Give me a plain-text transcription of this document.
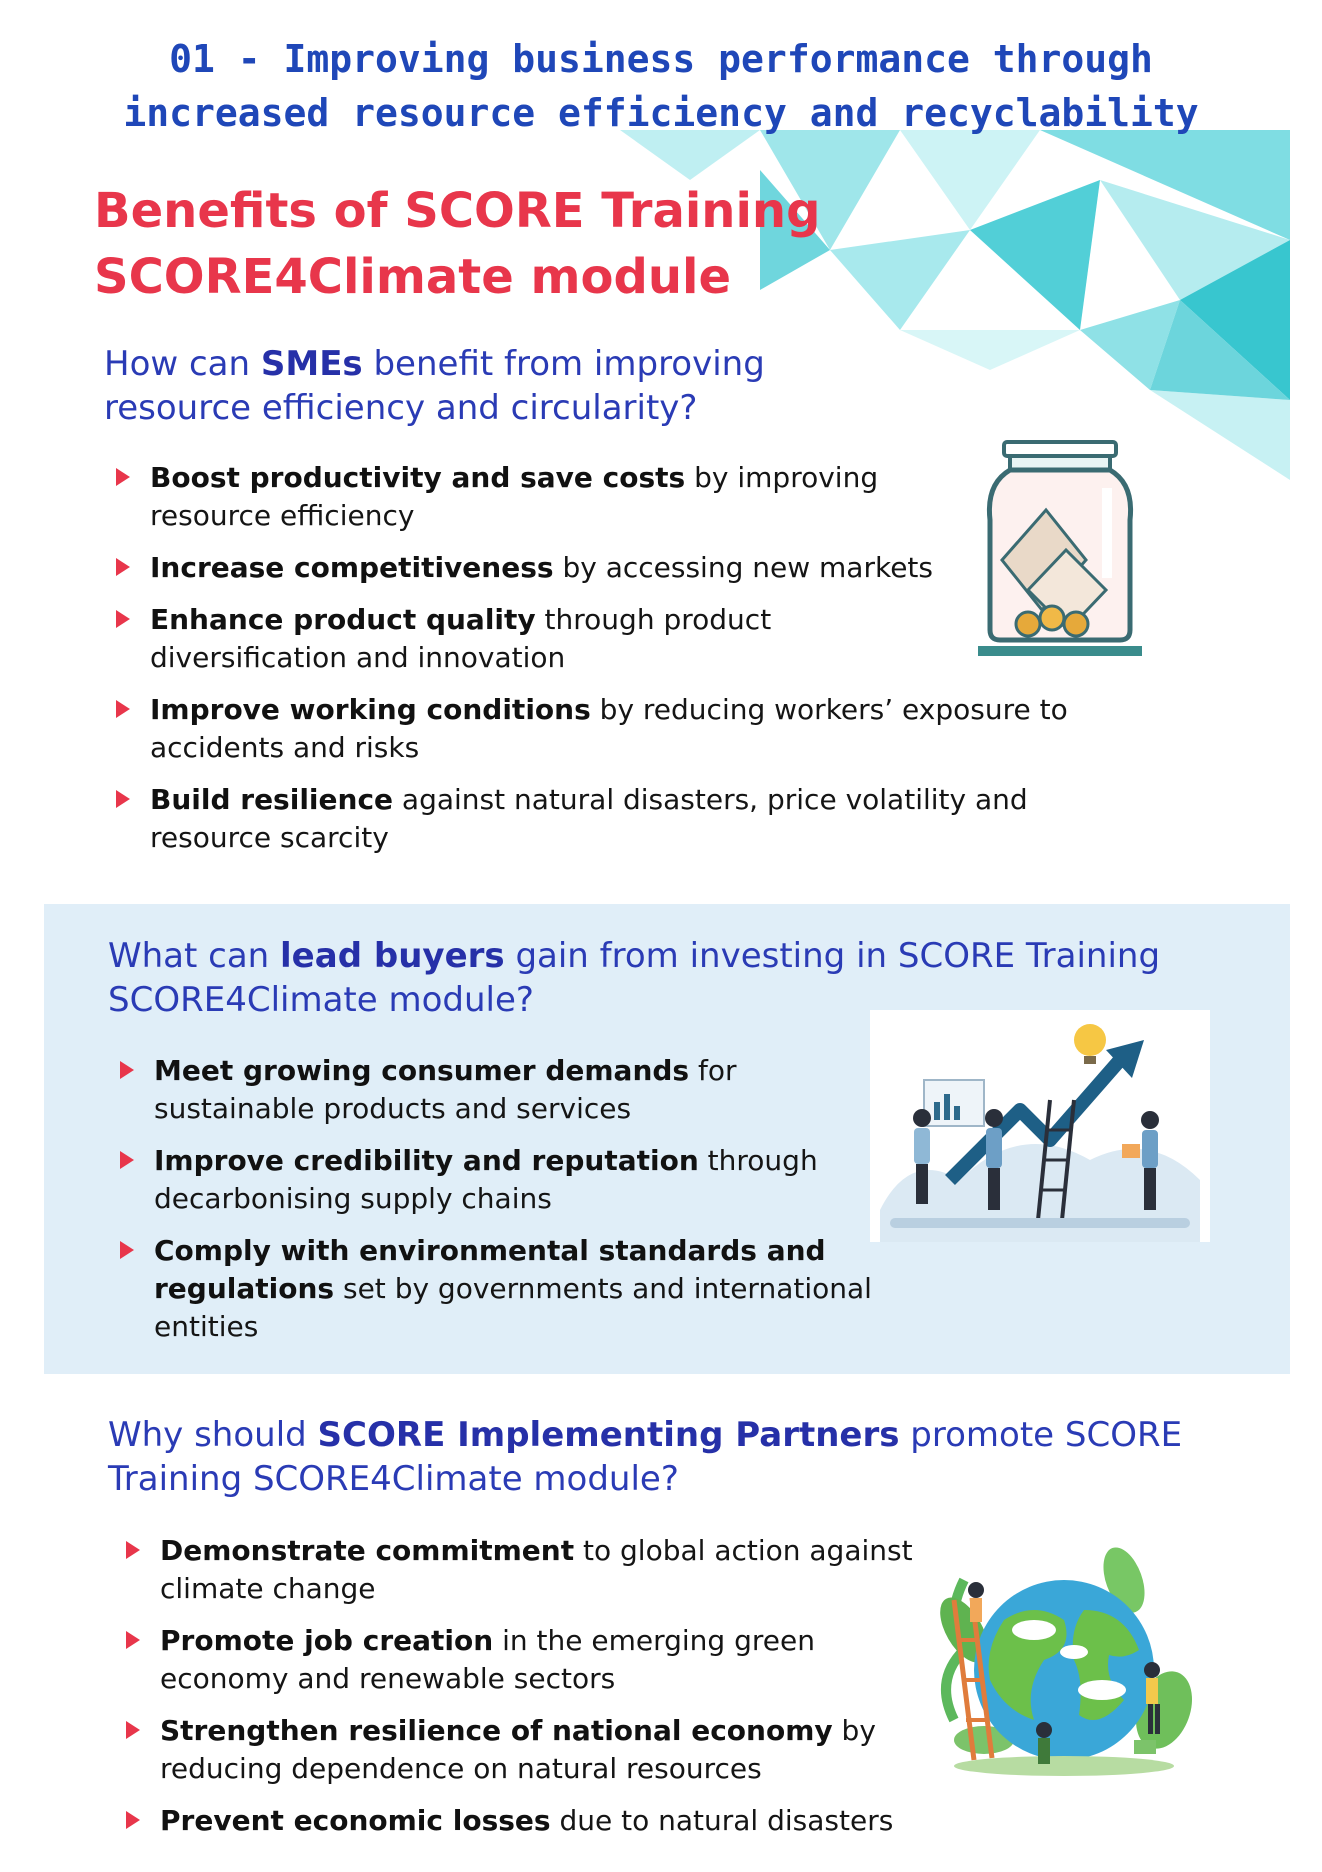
01 - Improving business performance through
increased resource efficiency and recyclability
Benefits of SCORE Training
SCORE4Climate module
How can SMEs benefit from improving
resource efficiency and circularity?
Boost productivity and save costs by improving
resource efficiency
Increase competitiveness by accessing new markets
Enhance product quality through product
diversification and innovation
Improve working conditions by reducing workers’ exposure to
accidents and risks
Build resilience against natural disasters, price volatility and
resource scarcity
What can lead buyers gain from investing in SCORE Training
SCORE4Climate module?
Meet growing consumer demands for
sustainable products and services
Improve credibility and reputation through
decarbonising supply chains
Comply with environmental standards and
regulations set by governments and international
entities
Why should SCORE Implementing Partners promote SCORE
Training SCORE4Climate module?
Demonstrate commitment to global action against
climate change
Promote job creation in the emerging green
economy and renewable sectors
Strengthen resilience of national economy by
reducing dependence on natural resources
Prevent economic losses due to natural disasters
